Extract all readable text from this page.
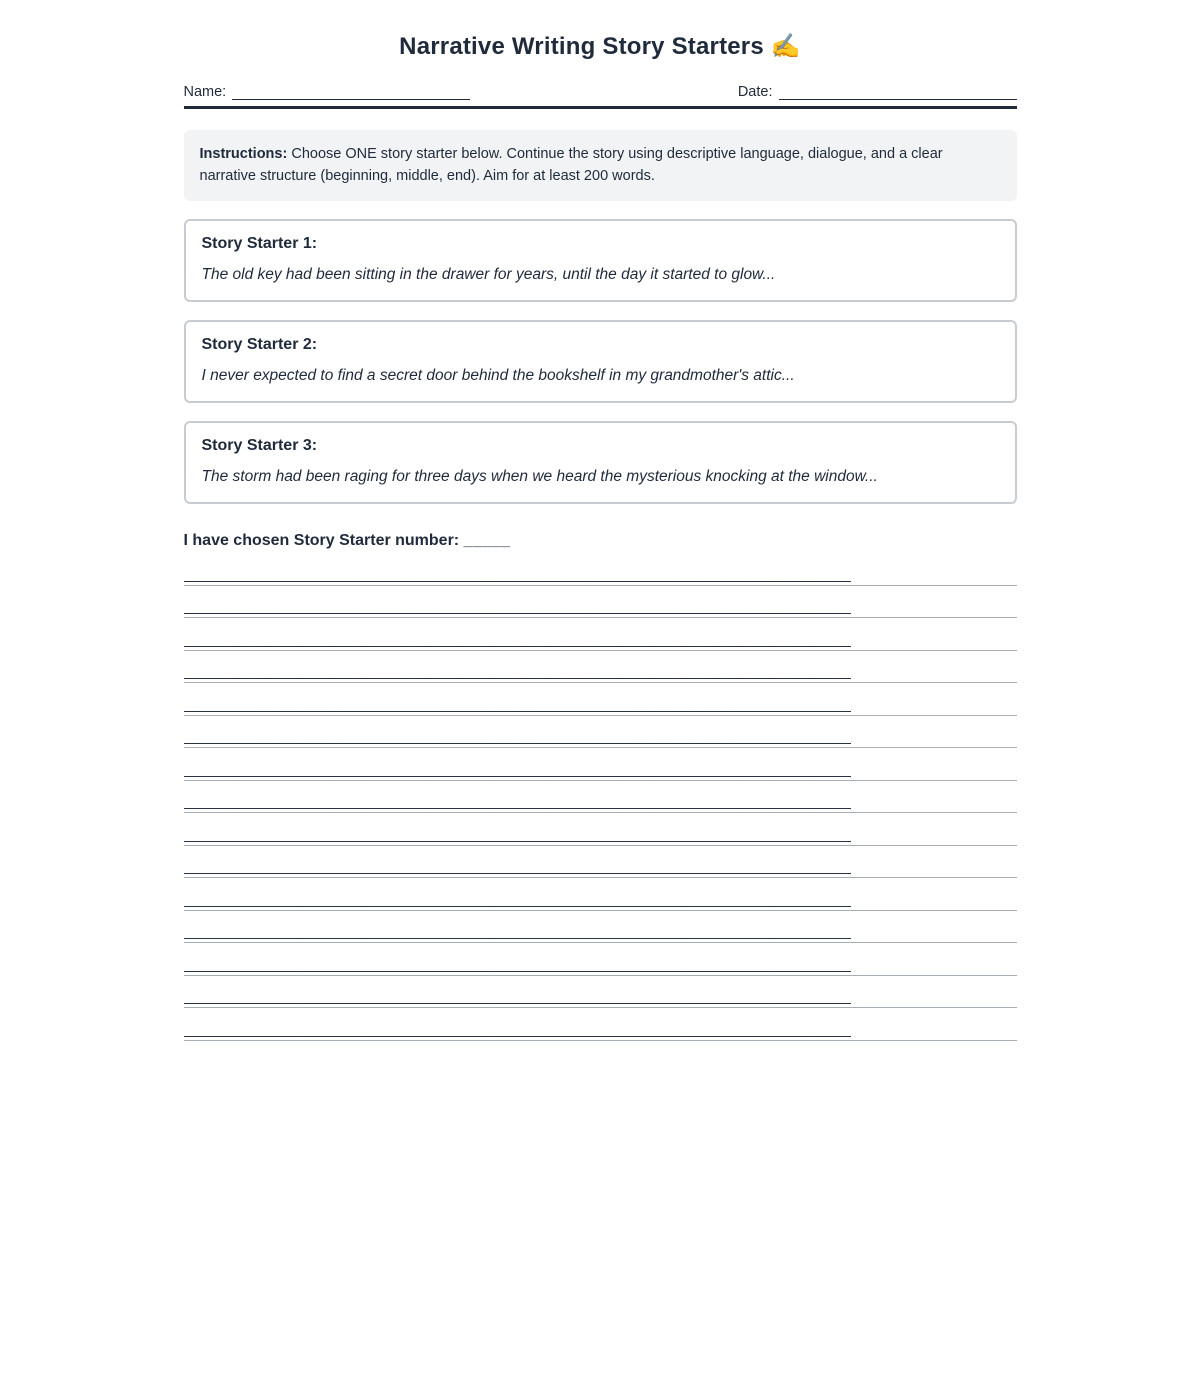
Narrative Writing Story Starters ✍️
Name:	Date:
Instructions: Choose ONE story starter below. Continue the story using descriptive language, dialogue, and a clear narrative structure (beginning, middle, end). Aim for at least 200 words.

Story Starter 1:

The old key had been sitting in the drawer for years, until the day it started to glow...

Story Starter 2:

I never expected to find a secret door behind the bookshelf in my grandmother's attic...

Story Starter 3:

The storm had been raging for three days when we heard the mysterious knocking at the window...

I have chosen Story Starter number: _____

________________________________________________________________________________
________________________________________________________________________________
________________________________________________________________________________
________________________________________________________________________________
________________________________________________________________________________
________________________________________________________________________________
________________________________________________________________________________
________________________________________________________________________________
________________________________________________________________________________
________________________________________________________________________________
________________________________________________________________________________
________________________________________________________________________________
________________________________________________________________________________
________________________________________________________________________________
________________________________________________________________________________
